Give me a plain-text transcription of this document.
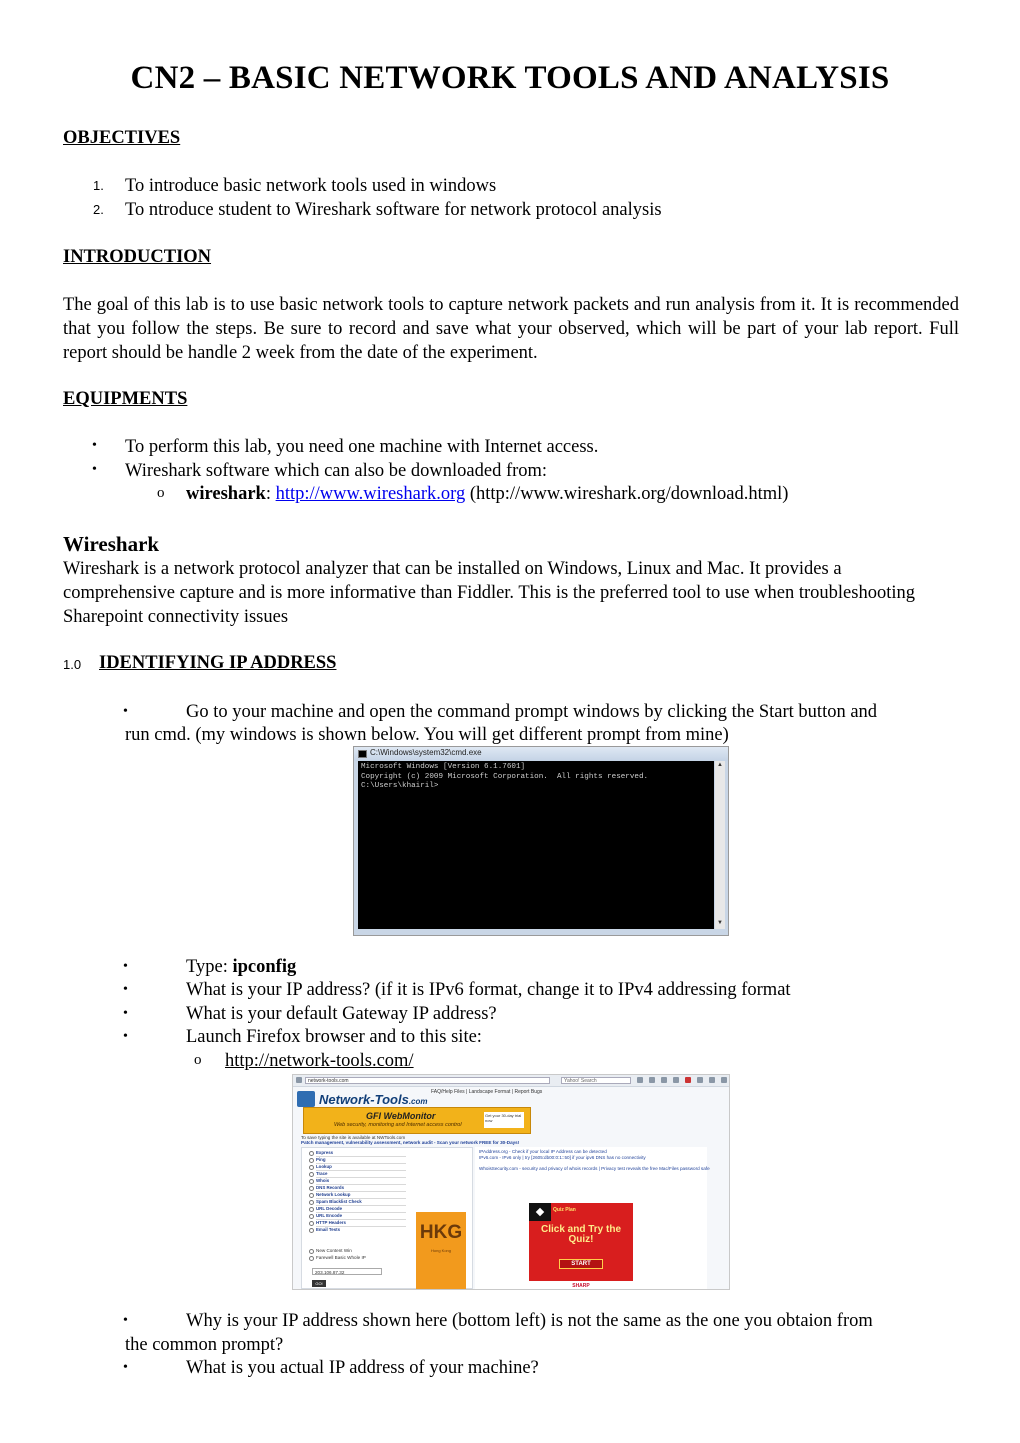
CN2 – BASIC NETWORK TOOLS AND ANALYSIS
OBJECTIVES
1. To introduce basic network tools used in windows
2. To ntroduce student to Wireshark software for network protocol analysis
INTRODUCTION

The goal of this lab is to use basic network tools to capture network packets and run analysis from it. It is recommended that you follow the steps. Be sure to record and save what your observed, which will be part of your lab report. Full report should be handle 2 week from the date of the experiment.

EQUIPMENTS
• To perform this lab, you need one machine with Internet access.
• Wireshark software which can also be downloaded from:
o wireshark: http://www.wireshark.org (http://www.wireshark.org/download.html)
Wireshark

Wireshark is a network protocol analyzer that can be installed on Windows, Linux and Mac. It provides a comprehensive capture and is more informative than Fiddler. This is the preferred tool to use when troubleshooting Sharepoint connectivity issues

1.0 IDENTIFYING IP ADDRESS
•	Go to your machine and open the command prompt windows by clicking the Start button and
run cmd. (my windows is shown below. You will get different prompt from mine)
C:\Windows\system32\cmd.exe
Microsoft Windows [Version 6.1.7601]
Copyright (c) 2009 Microsoft Corporation.  All rights reserved.
C:\Users\khairil>
▲
▼
•	Type: ipconfig
•	What is your IP address? (if it is IPv6 format, change it to IPv4 addressing format
•	What is your default Gateway IP address?
•	Launch Firefox browser and to this site:
o http://network-tools.com/
network-tools.com	Yahoo! Search
Network-Tools.com
FAQ/Help Files | Landscape Format | Report Bugs
GFI WebMonitor
Web security, monitoring and Internet access control
Get your 30-day trial now
To save typing the site is available at NWTools.com
Patch management, vulnerability assessment, network audit - Scan your network FREE for 30-Days!
Express
Ping
Lookup
Trace
Whois
DNS Records
Network Lookup
Spam Blacklist Check
URL Decode
URL Encode
HTTP Headers
Email Tests
New Content Win
Farewell Basic Whole IP
203.106.87.32
GO!
HKG
Hong Kong
IPAddress.org - Check if your local IP Address can be detected
IPv6.com - IPv6 only | try [2605:db00:0:1::50] if your ipv6 DNS has no connectivity
WhoisSecurity.com - security and privacy of whois records | Privacy test reveals the free Mac/Files password safe
Quiz Plan
Click and Try the Quiz!
START
SHARP
•	Why is your IP address shown here (bottom left) is not the same as the one you obtaion from
the common prompt?
•	What is you actual IP address of your machine?
